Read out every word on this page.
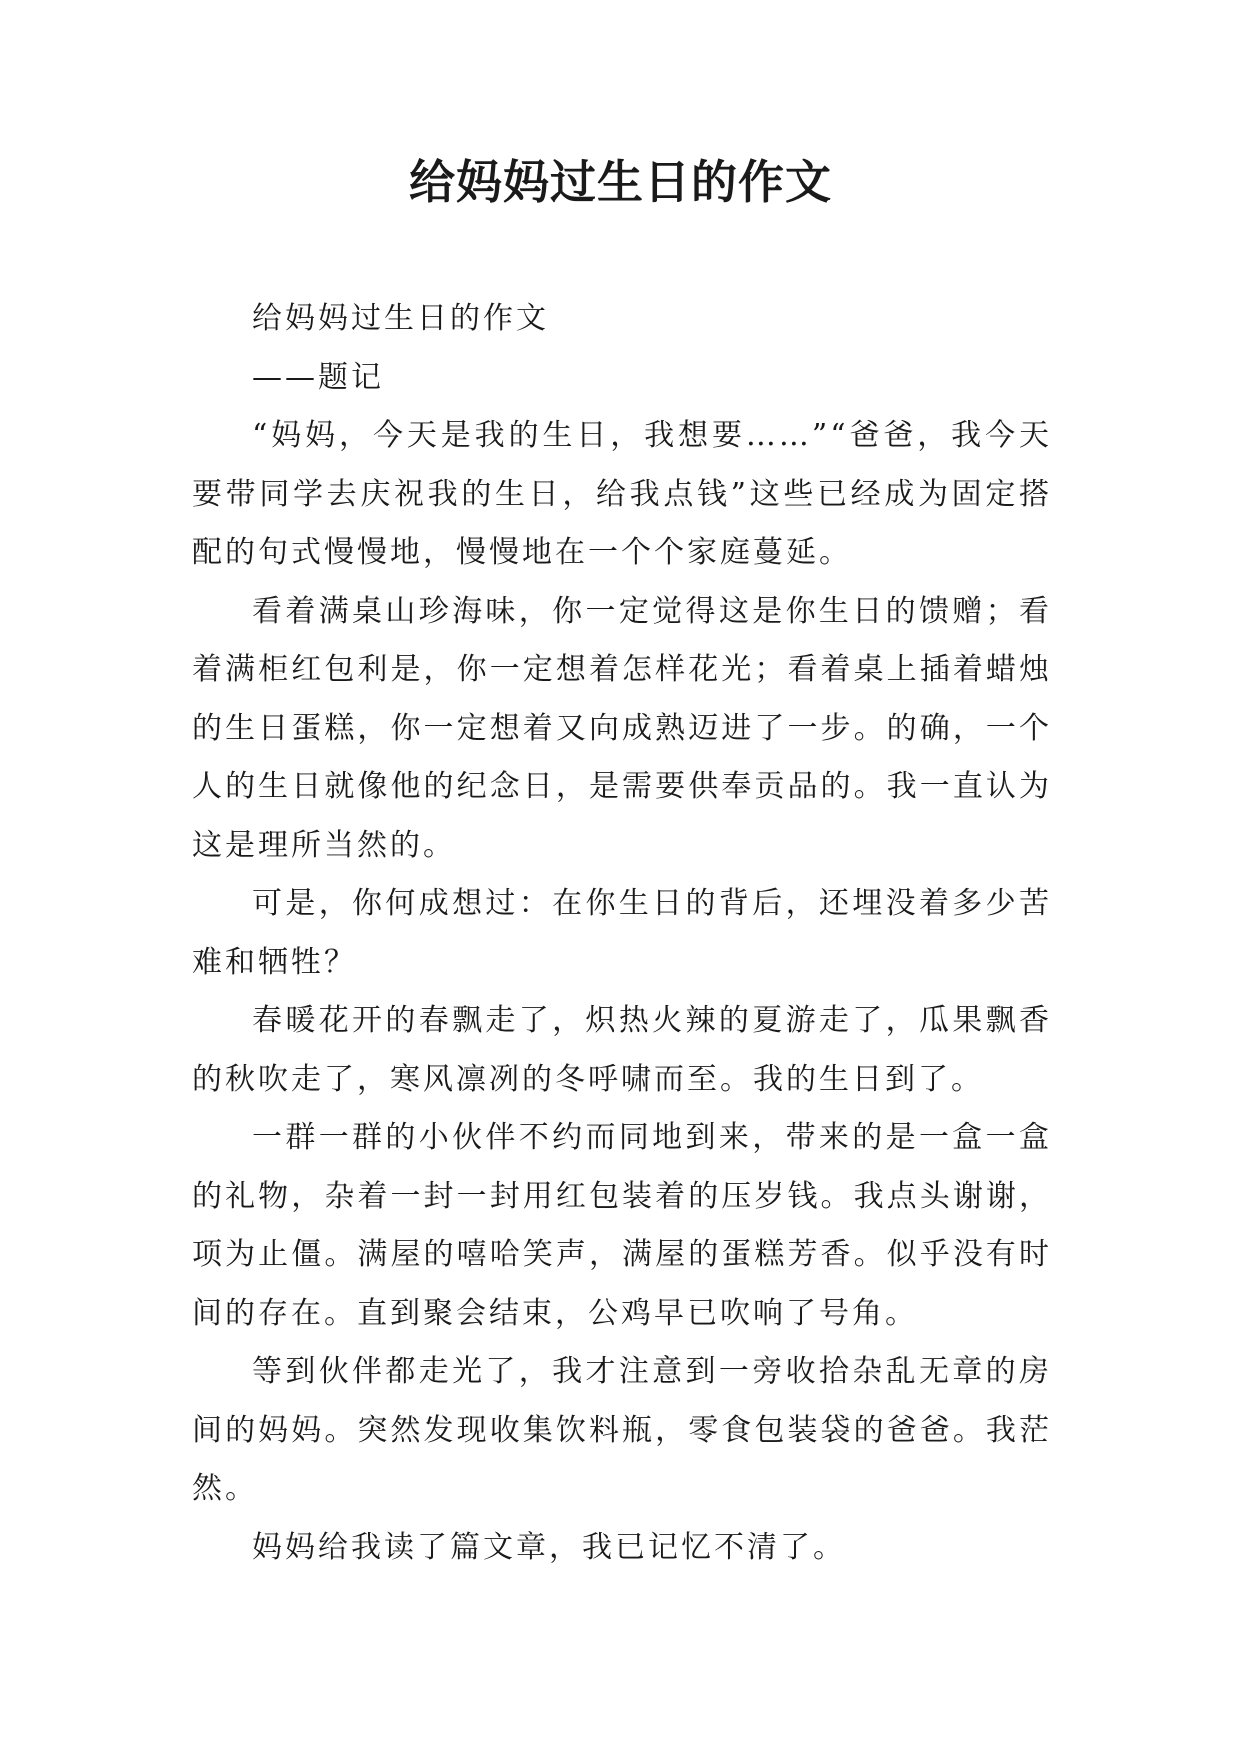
给妈妈过生日的作文

给妈妈过生日的作文

——题记

“妈妈，今天是我的生日，我想要……”“爸爸，我今天要带同学去庆祝我的生日，给我点钱”这些已经成为固定搭配的句式慢慢地，慢慢地在一个个家庭蔓延。

看着满桌山珍海味，你一定觉得这是你生日的馈赠；看着满柜红包利是，你一定想着怎样花光；看着桌上插着蜡烛的生日蛋糕，你一定想着又向成熟迈进了一步。的确，一个人的生日就像他的纪念日，是需要供奉贡品的。我一直认为这是理所当然的。

可是，你何成想过：在你生日的背后，还埋没着多少苦难和牺牲？

春暖花开的春飘走了，炽热火辣的夏游走了，瓜果飘香的秋吹走了，寒风凛冽的冬呼啸而至。我的生日到了。

一群一群的小伙伴不约而同地到来，带来的是一盒一盒的礼物，杂着一封一封用红包装着的压岁钱。我点头谢谢，项为止僵。满屋的嘻哈笑声，满屋的蛋糕芳香。似乎没有时间的存在。直到聚会结束，公鸡早已吹响了号角。

等到伙伴都走光了，我才注意到一旁收拾杂乱无章的房间的妈妈。突然发现收集饮料瓶，零食包装袋的爸爸。我茫然。

妈妈给我读了篇文章，我已记忆不清了。
